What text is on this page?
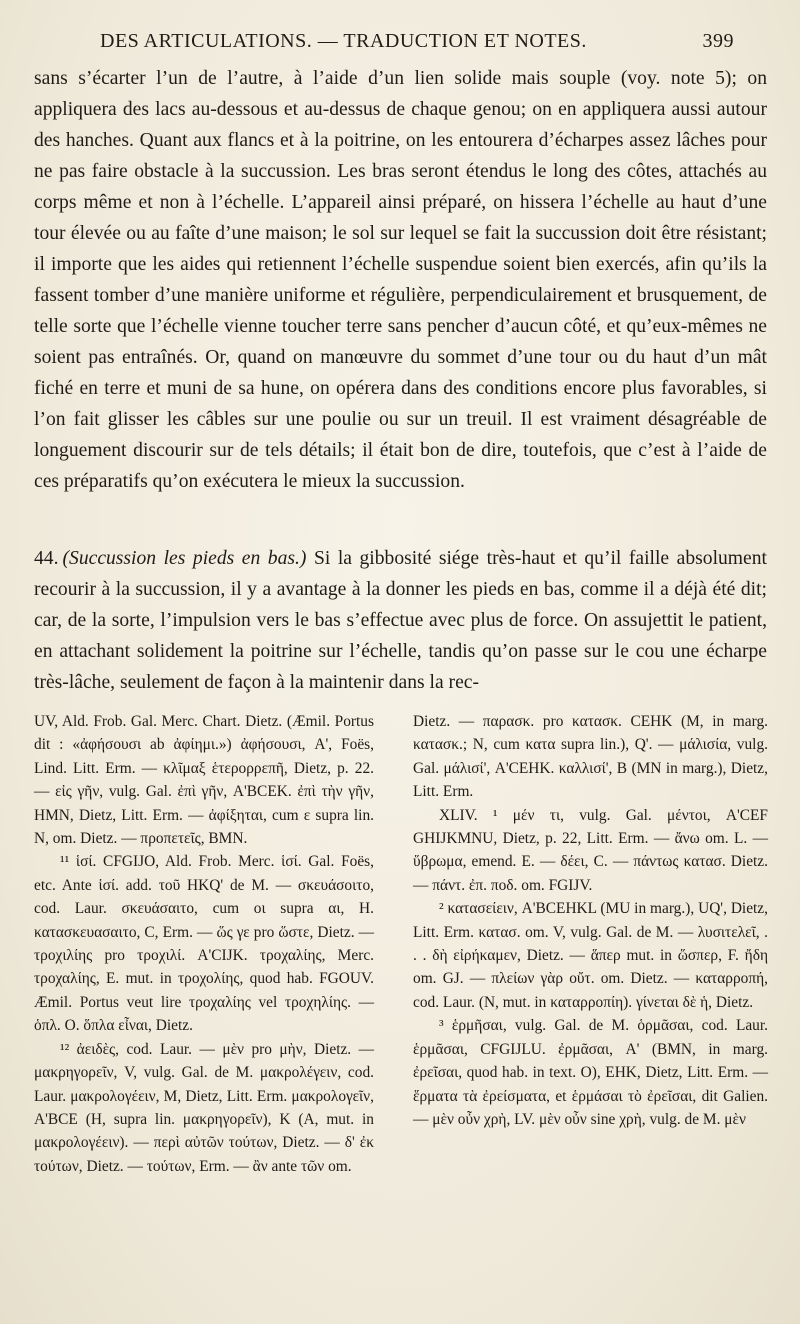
DES ARTICULATIONS. — TRADUCTION ET NOTES.	399
sans s’écarter l’un de l’autre, à l’aide d’un lien solide mais souple (voy. note 5); on appliquera des lacs au-dessous et au-dessus de chaque genou; on en appliquera aussi autour des hanches. Quant aux flancs et à la poitrine, on les entourera d’écharpes assez lâches pour ne pas faire obstacle à la succussion. Les bras seront étendus le long des côtes, attachés au corps même et non à l’échelle. L’appareil ainsi préparé, on hissera l’échelle au haut d’une tour élevée ou au faîte d’une maison; le sol sur lequel se fait la succussion doit être résistant; il importe que les aides qui retiennent l’échelle suspendue soient bien exercés, afin qu’ils la fassent tomber d’une manière uniforme et régulière, perpendiculairement et brusquement, de telle sorte que l’échelle vienne toucher terre sans pencher d’aucun côté, et qu’eux-mêmes ne soient pas entraînés. Or, quand on manœuvre du sommet d’une tour ou du haut d’un mât fiché en terre et muni de sa hune, on opérera dans des conditions encore plus favorables, si l’on fait glisser les câbles sur une poulie ou sur un treuil. Il est vraiment désagréable de longuement discourir sur de tels détails; il était bon de dire, toutefois, que c’est à l’aide de ces préparatifs qu’on exécutera le mieux la succussion.
44. (Succussion les pieds en bas.) Si la gibbosité siége très-haut et qu’il faille absolument recourir à la succussion, il y a avantage à la donner les pieds en bas, comme il a déjà été dit; car, de la sorte, l’impulsion vers le bas s’effectue avec plus de force. On assujettit le patient, en attachant solidement la poitrine sur l’échelle, tandis qu’on passe sur le cou une écharpe très-lâche, seulement de façon à la maintenir dans la rec-

UV, Ald. Frob. Gal. Merc. Chart. Dietz. (Æmil. Portus dit : «ἀφήσουσι ab ἀφίημι.») ἀφήσουσι, A', Foës, Lind. Litt. Erm. — κλῖμαξ ἑτερορρεπῆ, Dietz, p. 22. — εἰς γῆν, vulg. Gal. ἐπὶ γῆν, A'BCEK. ἐπὶ τὴν γῆν, HMN, Dietz, Litt. Erm. — ἀφίξηται, cum ε supra lin. N, om. Dietz. — προπετεῖς, BMN.

¹¹ ἱσί. CFGIJO, Ald. Frob. Merc. ἱσί. Gal. Foës, etc. Ante ἱσί. add. τοῦ HKQ' de M. — σκευάσοιτο, cod. Laur. σκευάσαιτο, cum οι supra αι, H. κατασκευασαιτο, C, Erm. — ὥς γε pro ὥστε, Dietz. — τροχιλίης pro τροχιλί. A'CIJK. τροχαλίης, Merc. τροχαλίης, E. mut. in τροχολίης, quod hab. FGOUV. Æmil. Portus veut lire τροχαλίης vel τροχηλίης. — ὁπλ. O. ὅπλα εἶναι, Dietz.

¹² ἀειδὲς, cod. Laur. — μὲν pro μὴν, Dietz. — μακρηγορεῖν, V, vulg. Gal. de M. μακρολέγειν, cod. Laur. μακρολογέειν, M, Dietz, Litt. Erm. μακρολογεῖν, A'BCE (H, supra lin. μακρηγορεῖν), K (A, mut. in μακρολογέειν). — περὶ αὐτῶν τούτων, Dietz. — δ' ἐκ τούτων, Dietz. — τούτων, Erm. — ἂν ante τῶν om.

Dietz. — παρασκ. pro κατασκ. CEHK (M, in marg. κατασκ.; N, cum κατα supra lin.), Q'. — μάλισία, vulg. Gal. μάλισί', A'CEHK. καλλισί', B (MN in marg.), Dietz, Litt. Erm.

XLIV. ¹ μέν τι, vulg. Gal. μέντοι, A'CEF GHIJKMNU, Dietz, p. 22, Litt. Erm. — ἄνω om. L. — ὕβρωμα, emend. E. — δέει, C. — πάντως κατασ. Dietz. — πάντ. ἐπ. ποδ. om. FGIJV.

² κατασείειν, A'BCEHKL (MU in marg.), UQ', Dietz, Litt. Erm. κατασ. om. V, vulg. Gal. de M. — λυσιτελεῖ, . . . δὴ εἰρήκαμεν, Dietz. — ἅπερ mut. in ὥσπερ, F. ἤδη om. GJ. — πλείων γὰρ οὔτ. om. Dietz. — καταρροπή, cod. Laur. (N, mut. in καταρροπίη). γίνεται δὲ ἡ, Dietz.

³ ἑρμῆσαι, vulg. Gal. de M. ὁρμᾶσαι, cod. Laur. ἑρμᾶσαι, CFGIJLU. ἐρμᾶσαι, A' (BMN, in marg. ἐρεῖσαι, quod hab. in text. O), EHK, Dietz, Litt. Erm. — ἕρματα τὰ ἐρείσματα, et ἑρμάσαι τὸ ἐρεῖσαι, dit Galien. — μὲν οὖν χρὴ, LV. μὲν οὖν sine χρὴ, vulg. de M. μὲν
